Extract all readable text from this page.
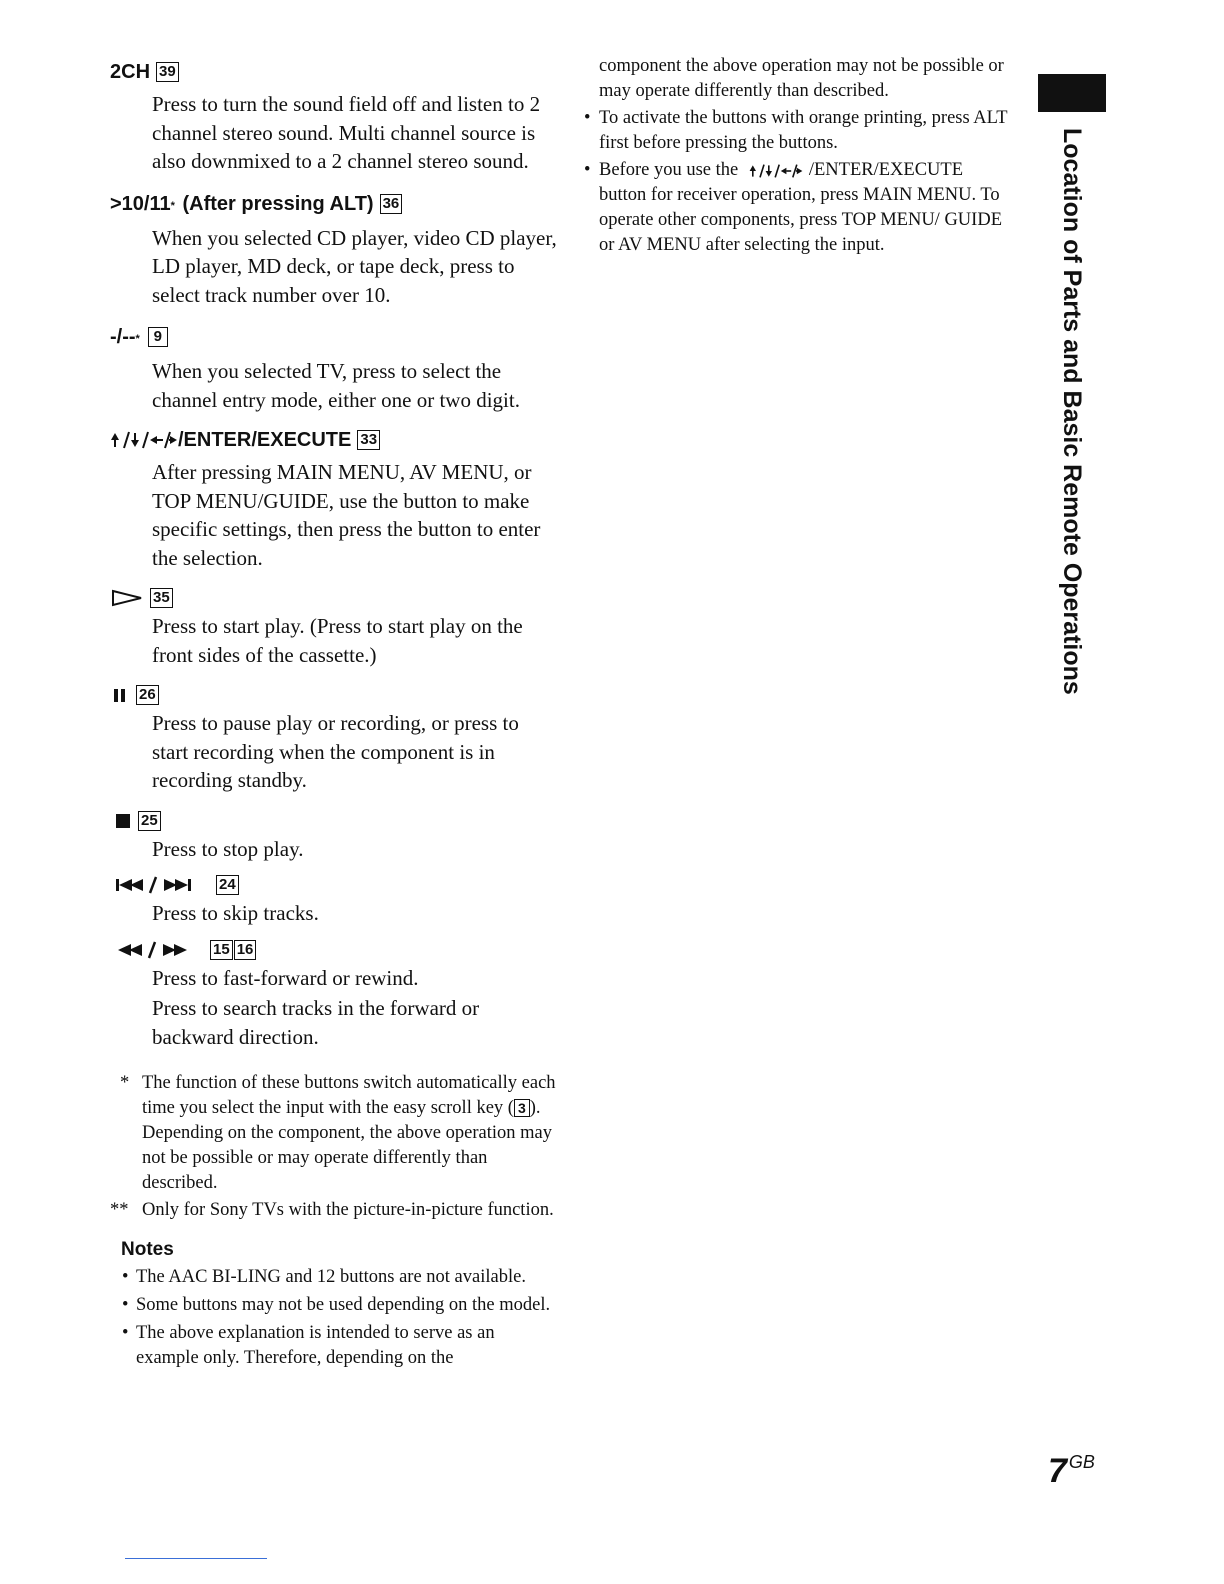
2CH 39

Press to turn the sound field off and listen to 2 channel stereo sound. Multi channel source is also downmixed to a 2 channel stereo sound.

>10/11 * (After pressing ALT) 36

When you selected CD player, video CD player, LD player, MD deck, or tape deck, press to select track number over 10.

-/-- * 9

When you selected TV, press to select the channel entry mode, either one or two digit.

/ENTER/EXECUTE 33

After pressing MAIN MENU, AV MENU, or TOP MENU/GUIDE, use the button to make specific settings, then press the button to enter the selection.

35

Press to start play. (Press to start play on the front sides of the cassette.)

26

Press to pause play or recording, or press to start recording when the component is in recording standby.

25

Press to stop play.

24

Press to skip tracks.

15 16

Press to fast-forward or rewind.

Press to search tracks in the forward or backward direction.

* The function of these buttons switch automatically each time you select the input with the easy scroll key ( 3 ). Depending on the component, the above operation may not be possible or may operate differently than described.
** Only for Sony TVs with the picture-in-picture function.
Notes
• The AAC BI-LING and 12 buttons are not available.
• Some buttons may not be used depending on the model.
• The above explanation is intended to serve as an example only. Therefore, depending on the
component the above operation may not be possible or may operate differently than described.
• To activate the buttons with orange printing, press ALT first before pressing the buttons.
• Before you use the	/ENTER/EXECUTE button for receiver operation, press MAIN MENU. To operate other components, press TOP MENU/ GUIDE or AV MENU after selecting the input.	Location of Parts and Basic Remote Operations
7 $^{GB}$
